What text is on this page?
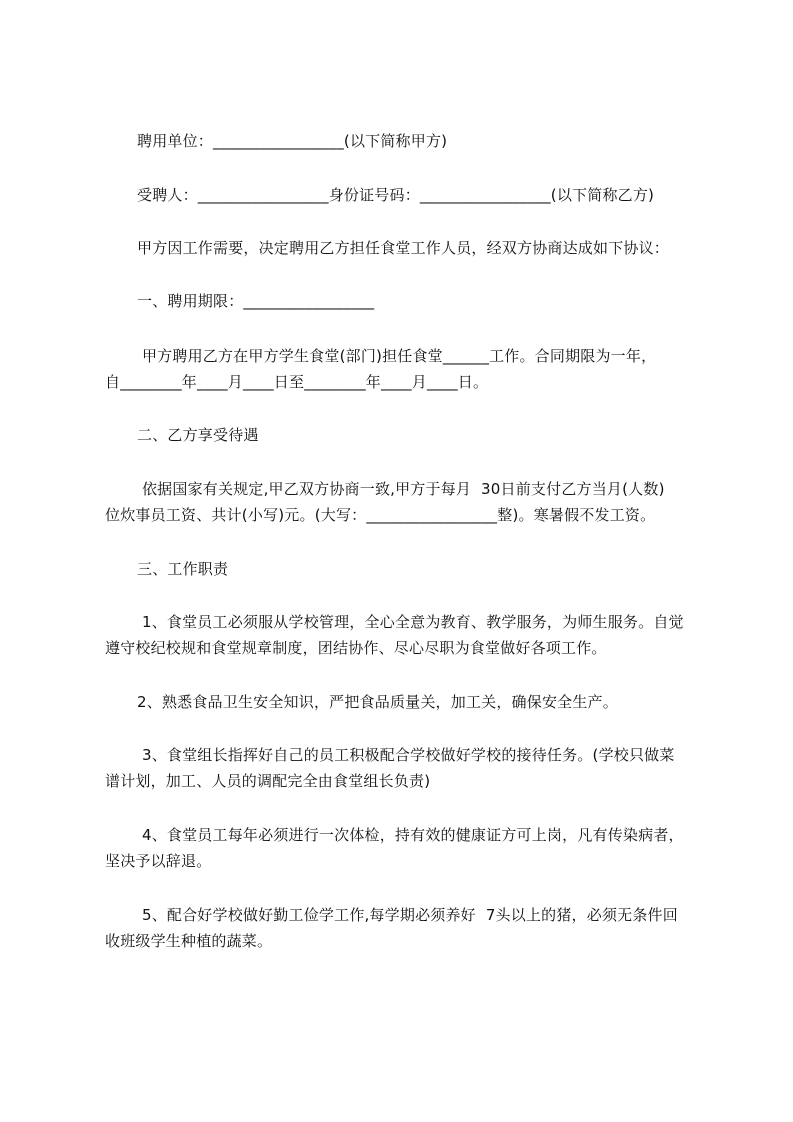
聘用单位：_________________(以下简称甲方)
受聘人：_________________身份证号码：_________________(以下简称乙方)
甲方因工作需要，决定聘用乙方担任食堂工作人员，经双方协商达成如下协议：
一、聘用期限：_________________
甲方聘用乙方在甲方学生食堂(部门)担任食堂______工作。合同期限为一年，
自________年____月____日至________年____月____日。
二、乙方享受待遇
依据国家有关规定,甲乙双方协商一致,甲方于每月  30日前支付乙方当月(人数)
位炊事员工资、共计(小写)元。(大写：_________________整)。寒暑假不发工资。
三、工作职责
1、食堂员工必须服从学校管理，全心全意为教育、教学服务，为师生服务。自觉
遵守校纪校规和食堂规章制度，团结协作、尽心尽职为食堂做好各项工作。
2、熟悉食品卫生安全知识，严把食品质量关，加工关，确保安全生产。
3、食堂组长指挥好自己的员工积极配合学校做好学校的接待任务。(学校只做菜
谱计划，加工、人员的调配完全由食堂组长负责)
4、食堂员工每年必须进行一次体检，持有效的健康证方可上岗，凡有传染病者，
坚决予以辞退。
5、配合好学校做好勤工俭学工作,每学期必须养好  7头以上的猪，必须无条件回
收班级学生种植的蔬菜。
